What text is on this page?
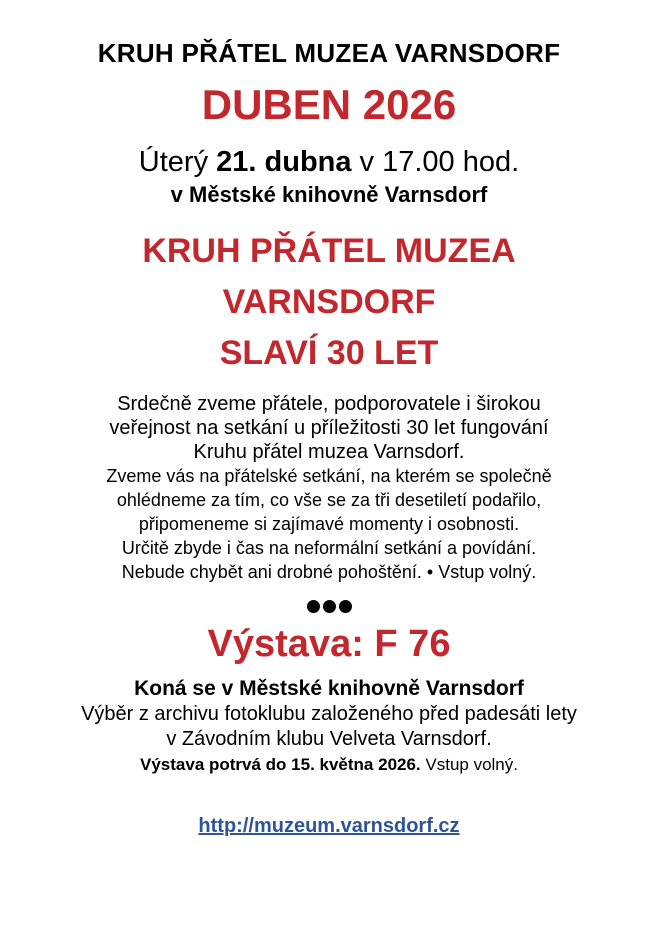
KRUH PŘÁTEL MUZEA VARNSDORF

DUBEN 2026

Úterý 21. dubna v 17.00 hod.

v Městské knihovně Varnsdorf

KRUH PŘÁTEL MUZEA

VARNSDORF

SLAVÍ 30 LET

Srdečně zveme přátele, podporovatele i širokou

veřejnost na setkání u příležitosti 30 let fungování

Kruhu přátel muzea Varnsdorf.

Zveme vás na přátelské setkání, na kterém se společně

ohlédneme za tím, co vše se za tři desetiletí podařilo,

připomeneme si zajímavé momenty i osobnosti.

Určitě zbyde i čas na neformální setkání a povídání.

Nebude chybět ani drobné pohoštění. • Vstup volný.

Výstava: F 76

Koná se v Městské knihovně Varnsdorf

Výběr z archivu fotoklubu založeného před padesáti lety

v Závodním klubu Velveta Varnsdorf.

Výstava potrvá do 15. května 2026. Vstup volný.

http://muzeum.varnsdorf.cz
